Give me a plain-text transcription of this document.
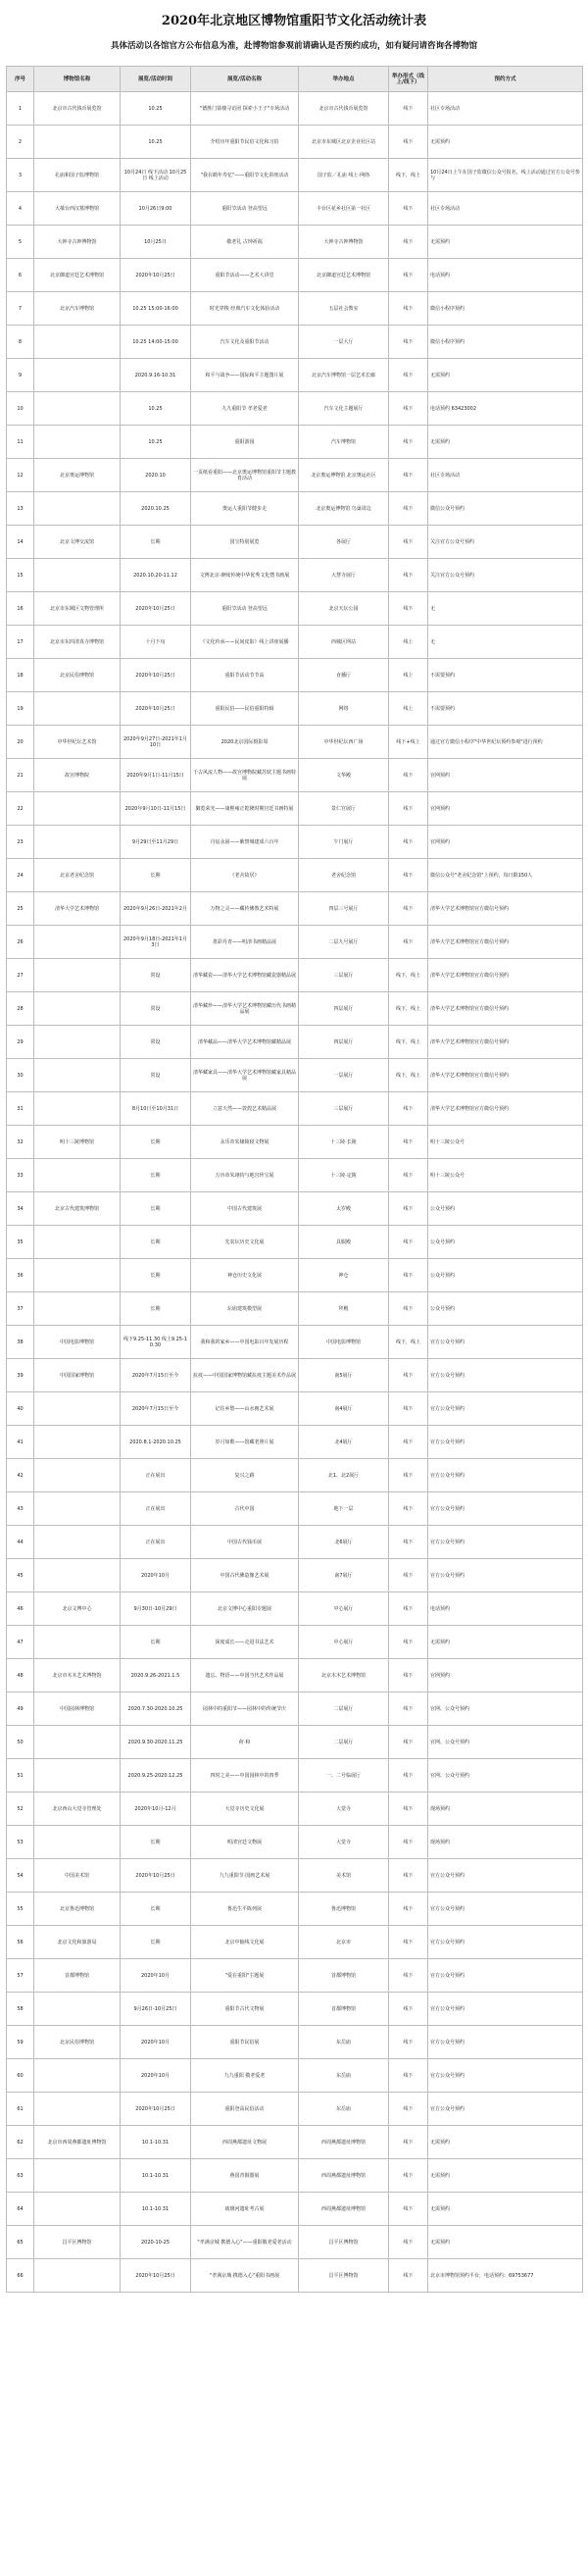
2020年北京地区博物馆重阳节文化活动统计表
具体活动以各馆官方公布信息为准，赴博物馆参观前请确认是否预约成功，如有疑问请咨询各博物馆
序号	博物馆名称	展览/活动时间	展览/活动名称	举办地点	举办形式（线上/线下）	预约方式
1	北京市古代钱币展览馆	10.25	"德胜门箭楼寻访团 探索小王子"专场活动	北京市古代钱币展览馆	线下	社区专场活动
2		10.25	介绍历年重阳节民俗文化和习俗	北京市东城区北京企业社区站	线下	无需预约
3	孔庙和国子监博物馆	10月24日 线下活动 10月25日 线上活动	"我在鹤年寿忆"——重阳节文化讲座活动	国子监／孔庙 线上·网络	线下，线上	10月24日上午在国子监微信公众号报名，线上活动通过官方公众号参与
4	大葆台西汉墓博物馆	10月26日9:00	重阳节活动 登高望远	丰台区花乡社区第一社区	线下	社区专场活动
5	大钟寺古钟博物馆	10月25日	敬老礼 古钟祈福	大钟寺古钟博物馆	线下	无需预约
6	北京御道宫廷艺术博物馆	2020年10月25日	重阳节活动——艺术大讲堂	北京御道宫廷艺术博物馆	线下	电话预约
7	北京汽车博物馆	10.25 15:00-16:00	时光穿梭 经典汽车文化体验活动	五层社会教室	线下	微信小程序预约
8		10.25 14:00-15:00	汽车文化及重阳节活动	一层大厅	线下	微信小程序预约
9		2020.9.16-10.31	和平与战争——国际和平主题图片展	北京汽车博物馆一层艺术长廊	线下	无需预约
10		10.25	九九重阳节 孝老爱老	汽车文化主题展厅	线下	电话预约 63423002
11		10.25	重阳游园	汽车博物馆	线下	无需预约
12	北京奥运博物馆	2020.10	一页纸看重阳——北京奥运博物馆重阳节主题教育活动	北京奥运博物馆 北京奥运社区	线下	社区专场活动
13		2020.10.25	奥运人重阳节健步走	北京奥运博物馆 鸟巢周边	线下	微信公众号预约
14	北京文博交流馆	长期	国宝特别展览	各展厅	线下	关注官方公众号预约
15		2020.10.20-11.12	文博北京·赓续传统中华优秀文化暨书画展	大慧寺展厅	线下	关注官方公众号预约
16	北京市东城区文物管理所	2020年10月25日	重阳节活动 登高望远	北京天坛公园	线下	无
17	北京市东四清真寺博物馆	十月下旬	《文化传承——民间皮影》线上讲座展播	西城区网站	线上	无
18	北京民俗博物馆	2020年10月25日	重阳节活动节节高	直播厅	线上	不需要预约
19		2020年10月25日	重阳民俗——民俗重阳特辑	网络	线上	不需要预约
20	中华世纪坛艺术馆	2020年9月27日-2021年1月10日	2020北京国际摄影周	中华世纪坛西广场	线下+线上	通过官方微信小程序"中华世纪坛预约参观"进行预约
21	故宫博物院	2020年9月1日-11月15日	千古风流人物——故宫博物院藏苏轼主题书画特展	文华殿	线下	官网预约
22		2020年9月10日-11月15日	御览荣光——康熙雍正乾隆时期宫廷书画特展	景仁宫展厅	线下	官网预约
23		9月29日至11月29日	丹宸永固——紫禁城建成六百年	午门展厅	线下	官网预约
24	北京老舍纪念馆	长期	《老舍故居》	老舍纪念馆	线下	微信公众号"老舍纪念馆"上预约，每日限150人
25	清华大学艺术博物馆	2020年9月26日-2021年2月	万物之灵——藏传佛教艺术特展	四层三号展厅	线下	清华大学艺术博物馆官方微信号预约
26		2020年9月18日-2021年1月3日	墨彩丹青——明清书画精品展	二层九号展厅	线下	清华大学艺术博物馆官方微信号预约
27		常设	清华藏瓷——清华大学艺术博物馆藏瓷器精品展	三层展厅	线下，线上	清华大学艺术博物馆官方微信号预约
28		常设	清华藏珍——清华大学艺术博物馆藏历代书画精品展	四层展厅	线下，线上	清华大学艺术博物馆官方微信号预约
29		常设	清华藏品——清华大学艺术博物馆藏精品展	四层展厅	线下，线上	清华大学艺术博物馆官方微信号预约
30		常设	清华藏家具——清华大学艺术博物馆藏家具精品展	一层展厅	线下，线上	清华大学艺术博物馆官方微信号预约
31		8月10日至10月31日	立意天然——敦煌艺术精品展	三层展厅	线下	清华大学艺术博物馆官方微信号预约
32	明十三陵博物馆	长期	永乐帝朱棣陵寝文物展	十三陵·长陵	线下	明十三陵公众号
33		长期	万历帝朱翊钧与地宫珍宝展	十三陵·定陵	线下	明十三陵公众号
34	北京古代建筑博物馆	长期	中国古代建筑展	太岁殿	线下	公众号预约
35		长期	先农坛历史文化展	具服殿	线下	公众号预约
36		长期	神仓历史文化展	神仓	线下	公众号预约
37		长期	坛庙建筑模型展	拜殿	线下	公众号预约
38	中国电影博物馆	线下9.25-11.30 线上9.25-10.30	我和我的家乡——中国电影百年发展历程	中国电影博物馆	线下，线上	官方公众号预约
39	中国国家博物馆	2020年7月15日至今	抗疫——中国国家博物馆藏抗疫主题美术作品展	南5展厅	线下	官方公众号预约
40		2020年7月15日至今	记住乡愁——山水画艺术展	南4展厅	线下	官方公众号预约
41		2020.8.1-2020.10.25	岁月如歌——馆藏老照片展	北4展厅	线下	官方公众号预约
42		正在展出	复兴之路	北1、北2展厅	线下	官方公众号预约
43		正在展出	古代中国	地下一层	线下	官方公众号预约
44		正在展出	中国古代钱币展	北6展厅	线下	官方公众号预约
45		2020年10月	中国古代佛造像艺术展	南7展厅	线下	官方公众号预约
46	北京文博中心	9月30日-10月29日	北京文博中心重阳专题展	中心展厅	线下	电话预约
47		长期	深度成长——走进书法艺术	中心展厅	线下	无需预约
48	北京市木木艺术博物馆	2020.9.26-2021.1.5	遗忘、物语——中国当代艺术作品展	北京木木艺术博物馆	线下	官网预约
49	中国园林博物馆	2020.7.30-2020.10.25	园林中的重阳节——园林中的传统节庆	二层展厅	线下	官网、公众号预约
50		2020.9.30-2020.11.25	荷·和	二层展厅	线下	官网、公众号预约
51		2020.9.25-2020.12.25	四时之美——中国园林中的四季	一、二号临展厅	线下	官网、公众号预约
52	北京西山大觉寺管理处	2020年10月-12月	大觉寺历史文化展	大觉寺	线下	现场预约
53		长期	明清宫廷文物展	大觉寺	线下	现场预约
54	中国美术馆	2020年10月25日	九九重阳节·国画艺术展	美术馆	线下	官方公众号预约
55	北京鲁迅博物馆	长期	鲁迅生平陈列展	鲁迅博物馆	线下	官方公众号预约
56	北京文化和旅游局	长期	北京中轴线文化展	北京市	线下	官方公众号预约
57	首都博物馆	2020年10月	"爱在重阳"主题展	首都博物馆	线下	官方公众号预约
58		9月26日-10月25日	重阳节古代文物展	首都博物馆	线下	官方公众号预约
59	北京民俗博物馆	2020年10月	重阳节民俗展	东岳庙	线下	官方公众号预约
60		2020年10月	九九重阳 敬老爱老	东岳庙	线下	官方公众号预约
61		2020年10月25日	重阳登高民俗活动	东岳庙	线下	官方公众号预约
62	北京市西周燕都遗址博物馆	10.1-10.31	西周燕都遗址文物展	西周燕都遗址博物馆	线下	无需预约
63		10.1-10.31	燕国青铜器展	西周燕都遗址博物馆	线下	无需预约
64		10.1-10.31	琉璃河遗址考古展	西周燕都遗址博物馆	线下	无需预约
65	昌平区博物馆	2020-10-25	"孝满京城 携德入心"——重阳敬老爱老活动	昌平区博物馆	线下	无需预约
66		2020年10月25日	"孝满京城 携德入心"重阳书画展	昌平区博物馆	线下	北京市博物馆预约平台，电话预约：69753677
